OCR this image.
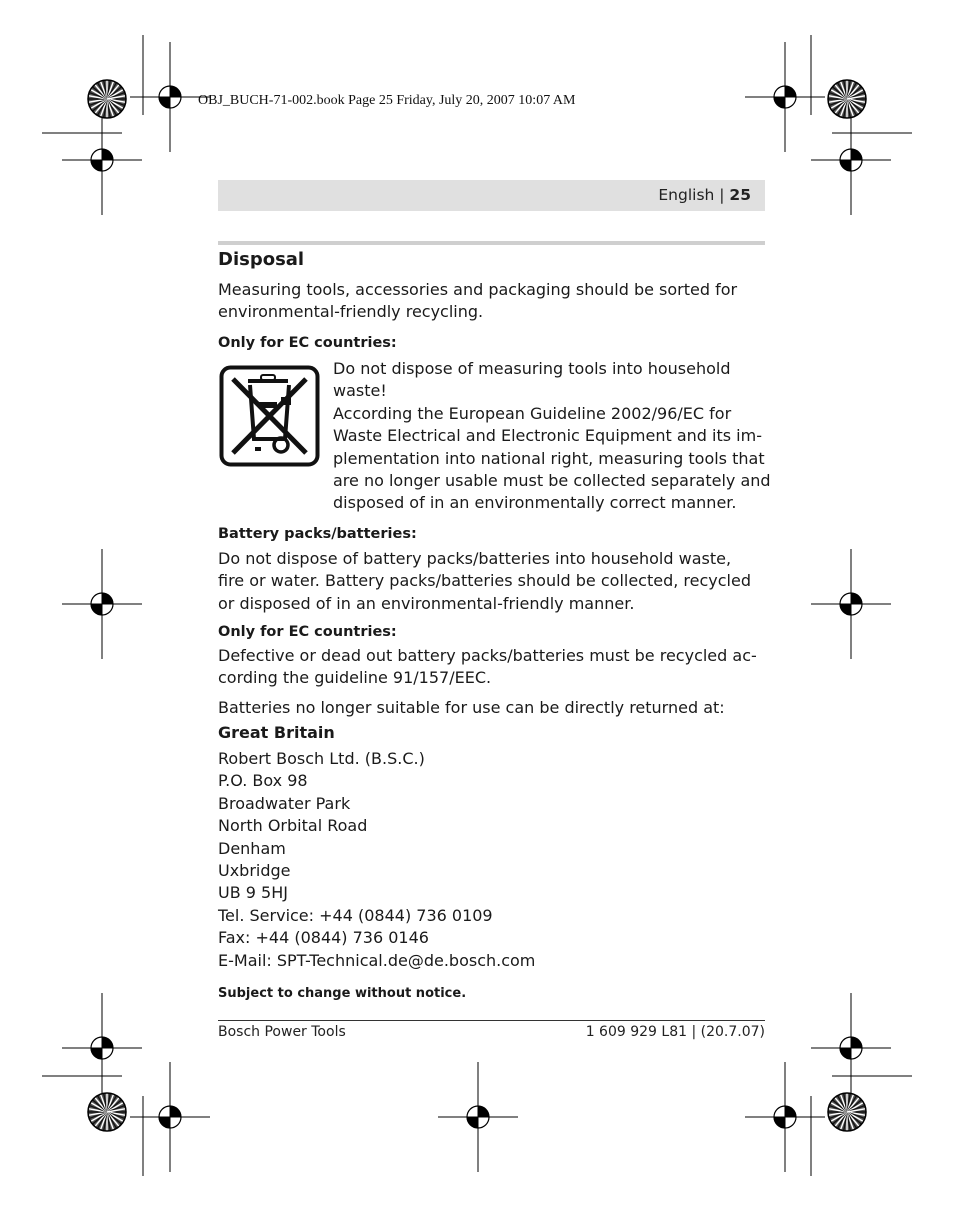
OBJ_BUCH-71-002.book Page 25 Friday, July 20, 2007 10:07 AM
English | 25
Disposal
Measuring tools, accessories and packaging should be sorted for
environmental-friendly recycling.
Only for EC countries:
Do not dispose of measuring tools into household
waste!
According the European Guideline 2002/96/EC for
Waste Electrical and Electronic Equipment and its im-
plementation into national right, measuring tools that
are no longer usable must be collected separately and
disposed of in an environmentally correct manner.
Battery packs/batteries:
Do not dispose of battery packs/batteries into household waste,
fire or water. Battery packs/batteries should be collected, recycled
or disposed of in an environmental-friendly manner.
Only for EC countries:
Defective or dead out battery packs/batteries must be recycled ac-
cording the guideline 91/157/EEC.
Batteries no longer suitable for use can be directly returned at:
Great Britain
Robert Bosch Ltd. (B.S.C.)
P.O. Box 98
Broadwater Park
North Orbital Road
Denham
Uxbridge
UB 9 5HJ
Tel. Service: +44 (0844) 736 0109
Fax: +44 (0844) 736 0146
E-Mail: SPT-Technical.de@de.bosch.com
Subject to change without notice.
Bosch Power Tools	1 609 929 L81 | (20.7.07)
